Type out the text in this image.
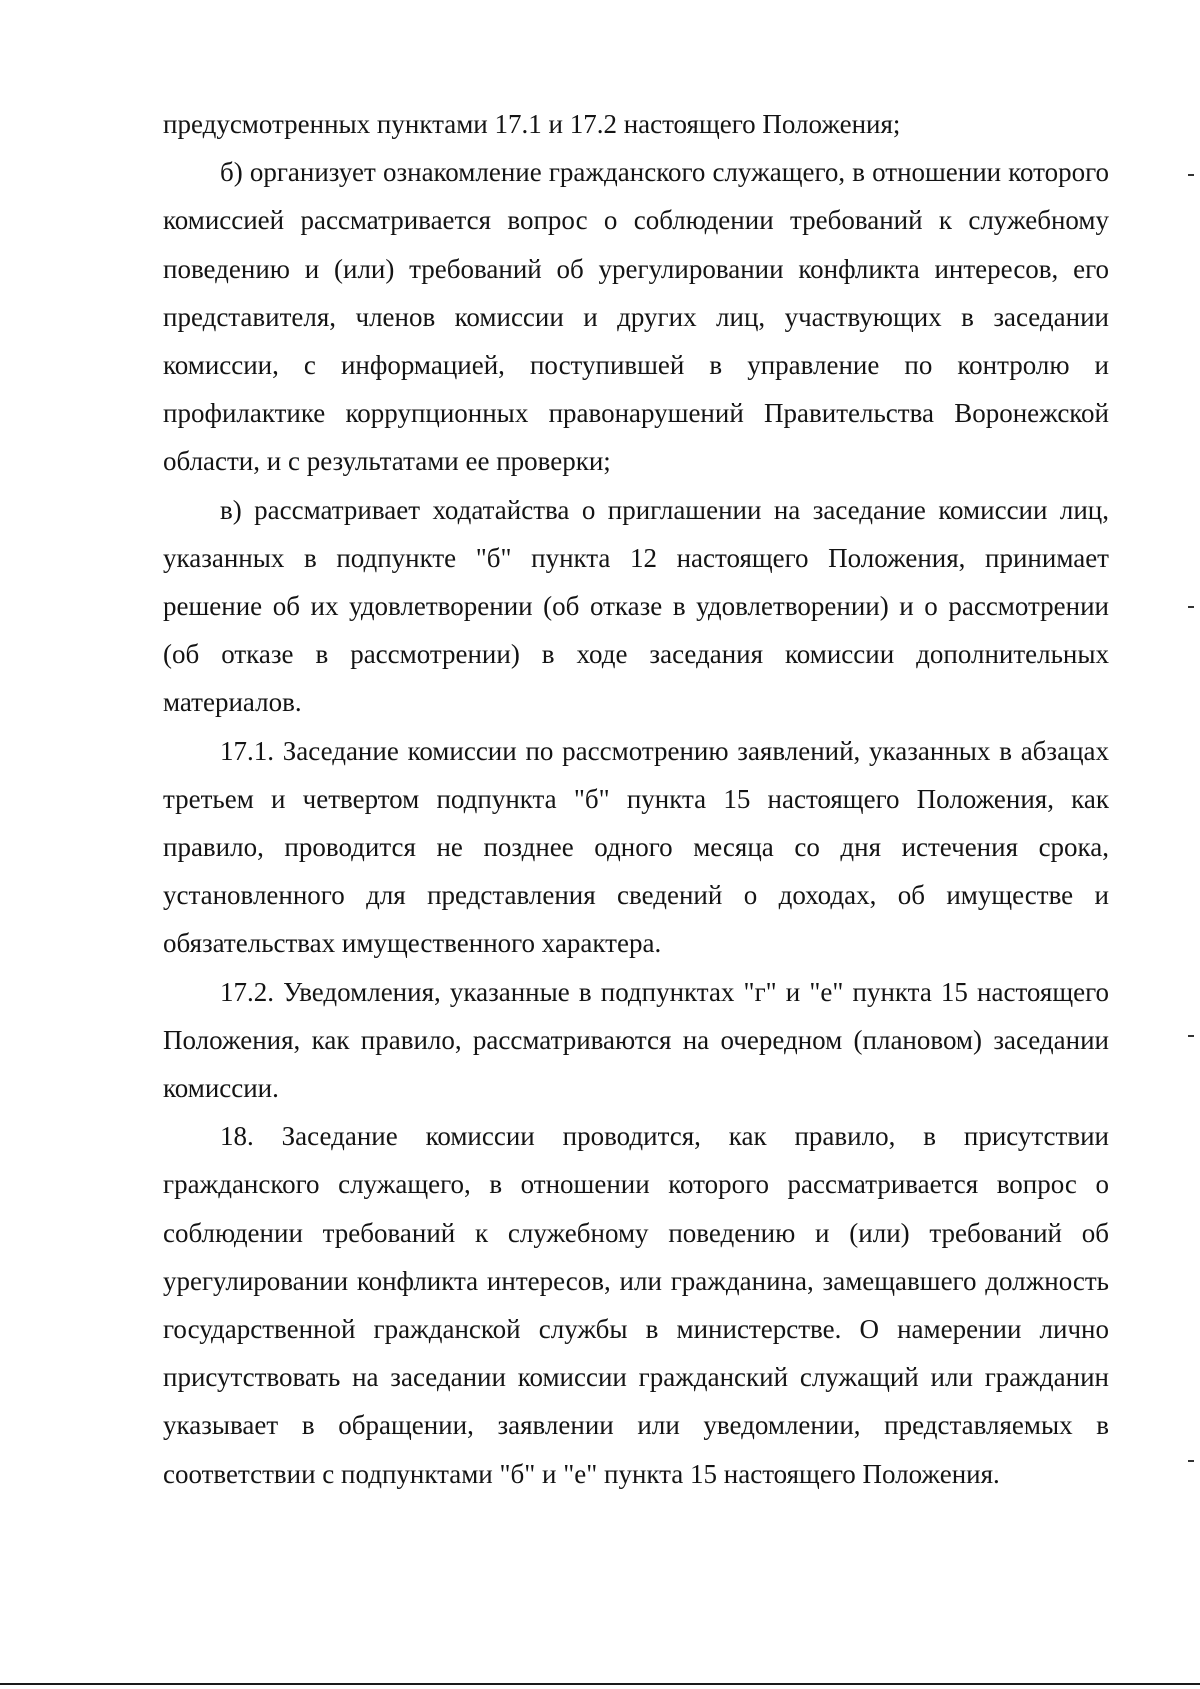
предусмотренных пунктами 17.1 и 17.2 настоящего Положения;

б) организует ознакомление гражданского служащего, в отношении которого комиссией рассматривается вопрос о соблюдении требований к служебному поведению и (или) требований об урегулировании конфликта интересов, его представителя, членов комиссии и других лиц, участвующих в заседании комиссии, с информацией, поступившей в управление по контролю и профилактике коррупционных правонарушений Правительства Воронежской области, и с результатами ее проверки;

в) рассматривает ходатайства о приглашении на заседание комиссии лиц, указанных в подпункте "б" пункта 12 настоящего Положения, принимает решение об их удовлетворении (об отказе в удовлетворении) и о рассмотрении (об отказе в рассмотрении) в ходе заседания комиссии дополнительных материалов.

17.1. Заседание комиссии по рассмотрению заявлений, указанных в абзацах третьем и четвертом подпункта "б" пункта 15 настоящего Положения, как правило, проводится не позднее одного месяца со дня истечения срока, установленного для представления сведений о доходах, об имуществе и обязательствах имущественного характера.

17.2. Уведомления, указанные в подпунктах "г" и "е" пункта 15 настоящего Положения, как правило, рассматриваются на очередном (плановом) заседании комиссии.

18. Заседание комиссии проводится, как правило, в присутствии гражданского служащего, в отношении которого рассматривается вопрос о соблюдении требований к служебному поведению и (или) требований об урегулировании конфликта интересов, или гражданина, замещавшего должность государственной гражданской службы в министерстве. О намерении лично присутствовать на заседании комиссии гражданский служащий или гражданин указывает в обращении, заявлении или уведомлении, представляемых в соответствии с подпунктами "б" и "е" пункта 15 настоящего Положения.
